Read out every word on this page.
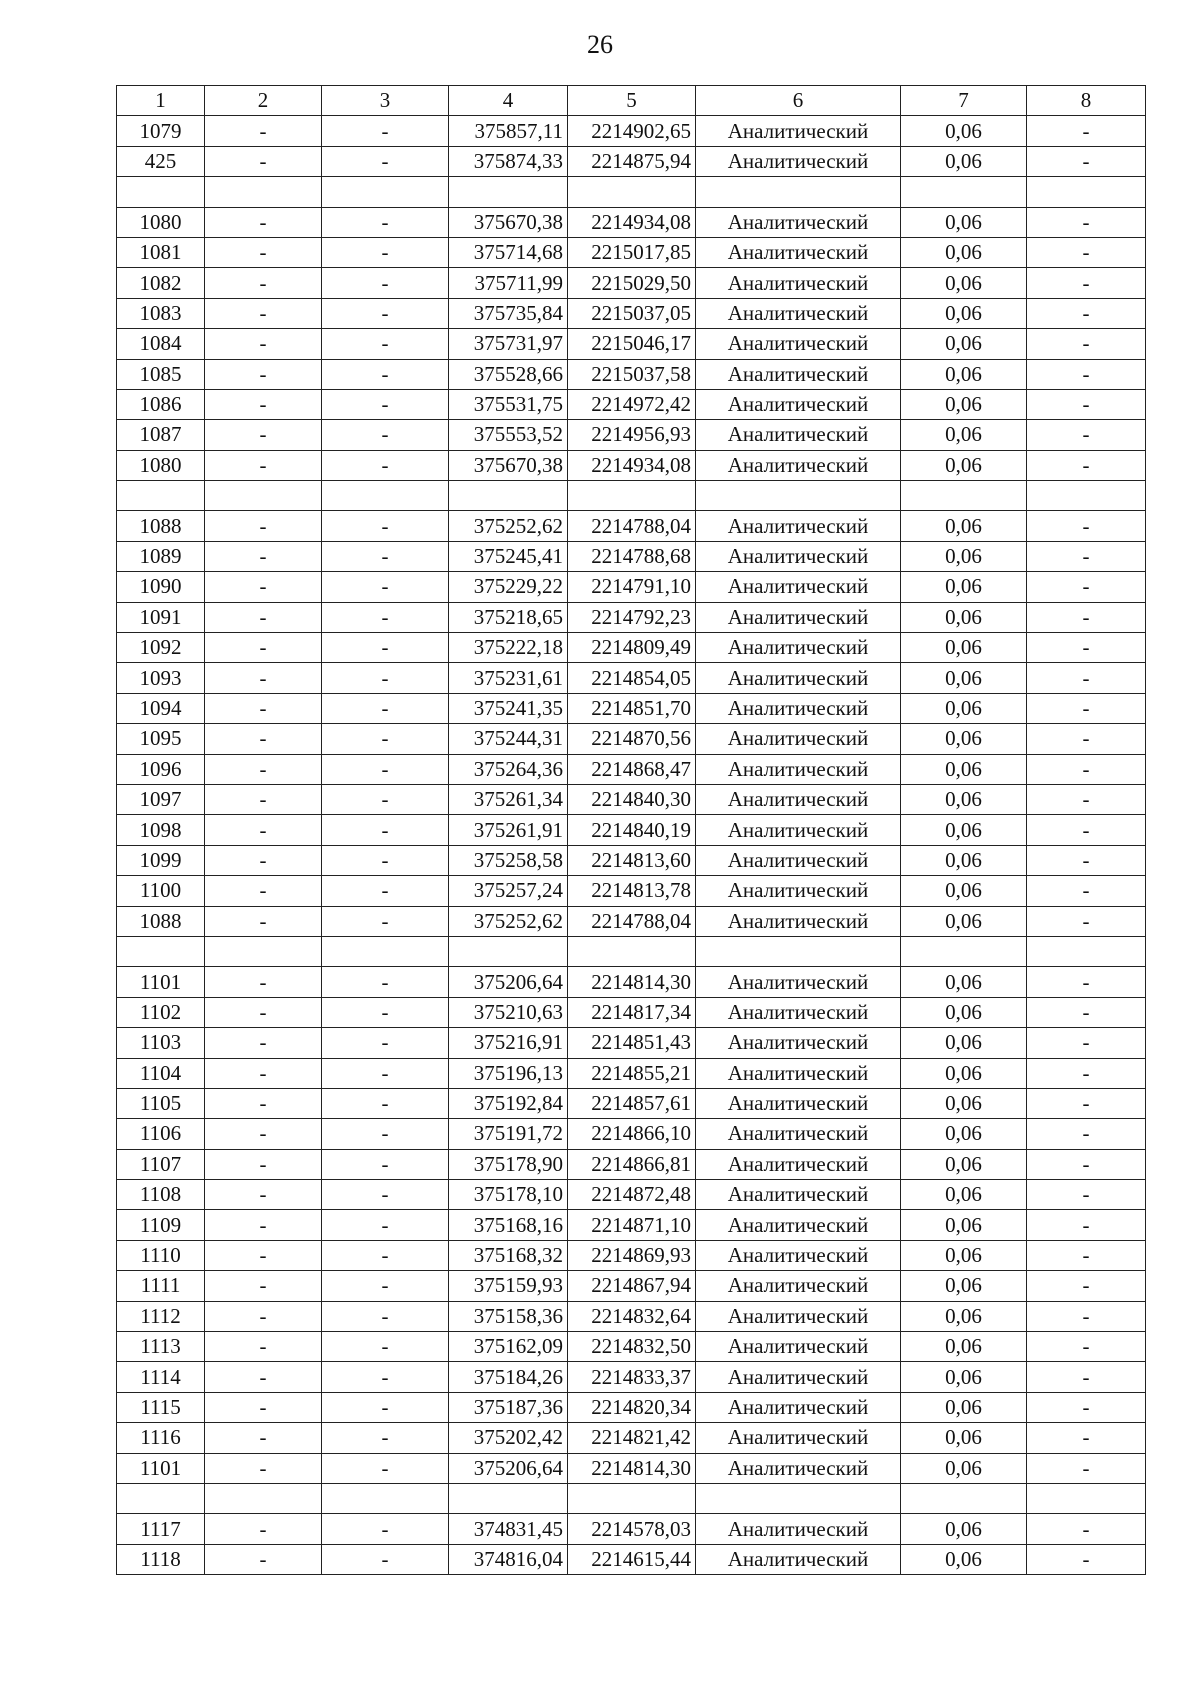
26
1	2	3	4	5	6	7	8
1079	-	-	375857,11	2214902,65	Аналитический	0,06	-
425	-	-	375874,33	2214875,94	Аналитический	0,06	-

1080	-	-	375670,38	2214934,08	Аналитический	0,06	-
1081	-	-	375714,68	2215017,85	Аналитический	0,06	-
1082	-	-	375711,99	2215029,50	Аналитический	0,06	-
1083	-	-	375735,84	2215037,05	Аналитический	0,06	-
1084	-	-	375731,97	2215046,17	Аналитический	0,06	-
1085	-	-	375528,66	2215037,58	Аналитический	0,06	-
1086	-	-	375531,75	2214972,42	Аналитический	0,06	-
1087	-	-	375553,52	2214956,93	Аналитический	0,06	-
1080	-	-	375670,38	2214934,08	Аналитический	0,06	-

1088	-	-	375252,62	2214788,04	Аналитический	0,06	-
1089	-	-	375245,41	2214788,68	Аналитический	0,06	-
1090	-	-	375229,22	2214791,10	Аналитический	0,06	-
1091	-	-	375218,65	2214792,23	Аналитический	0,06	-
1092	-	-	375222,18	2214809,49	Аналитический	0,06	-
1093	-	-	375231,61	2214854,05	Аналитический	0,06	-
1094	-	-	375241,35	2214851,70	Аналитический	0,06	-
1095	-	-	375244,31	2214870,56	Аналитический	0,06	-
1096	-	-	375264,36	2214868,47	Аналитический	0,06	-
1097	-	-	375261,34	2214840,30	Аналитический	0,06	-
1098	-	-	375261,91	2214840,19	Аналитический	0,06	-
1099	-	-	375258,58	2214813,60	Аналитический	0,06	-
1100	-	-	375257,24	2214813,78	Аналитический	0,06	-
1088	-	-	375252,62	2214788,04	Аналитический	0,06	-

1101	-	-	375206,64	2214814,30	Аналитический	0,06	-
1102	-	-	375210,63	2214817,34	Аналитический	0,06	-
1103	-	-	375216,91	2214851,43	Аналитический	0,06	-
1104	-	-	375196,13	2214855,21	Аналитический	0,06	-
1105	-	-	375192,84	2214857,61	Аналитический	0,06	-
1106	-	-	375191,72	2214866,10	Аналитический	0,06	-
1107	-	-	375178,90	2214866,81	Аналитический	0,06	-
1108	-	-	375178,10	2214872,48	Аналитический	0,06	-
1109	-	-	375168,16	2214871,10	Аналитический	0,06	-
1110	-	-	375168,32	2214869,93	Аналитический	0,06	-
1111	-	-	375159,93	2214867,94	Аналитический	0,06	-
1112	-	-	375158,36	2214832,64	Аналитический	0,06	-
1113	-	-	375162,09	2214832,50	Аналитический	0,06	-
1114	-	-	375184,26	2214833,37	Аналитический	0,06	-
1115	-	-	375187,36	2214820,34	Аналитический	0,06	-
1116	-	-	375202,42	2214821,42	Аналитический	0,06	-
1101	-	-	375206,64	2214814,30	Аналитический	0,06	-

1117	-	-	374831,45	2214578,03	Аналитический	0,06	-
1118	-	-	374816,04	2214615,44	Аналитический	0,06	-
